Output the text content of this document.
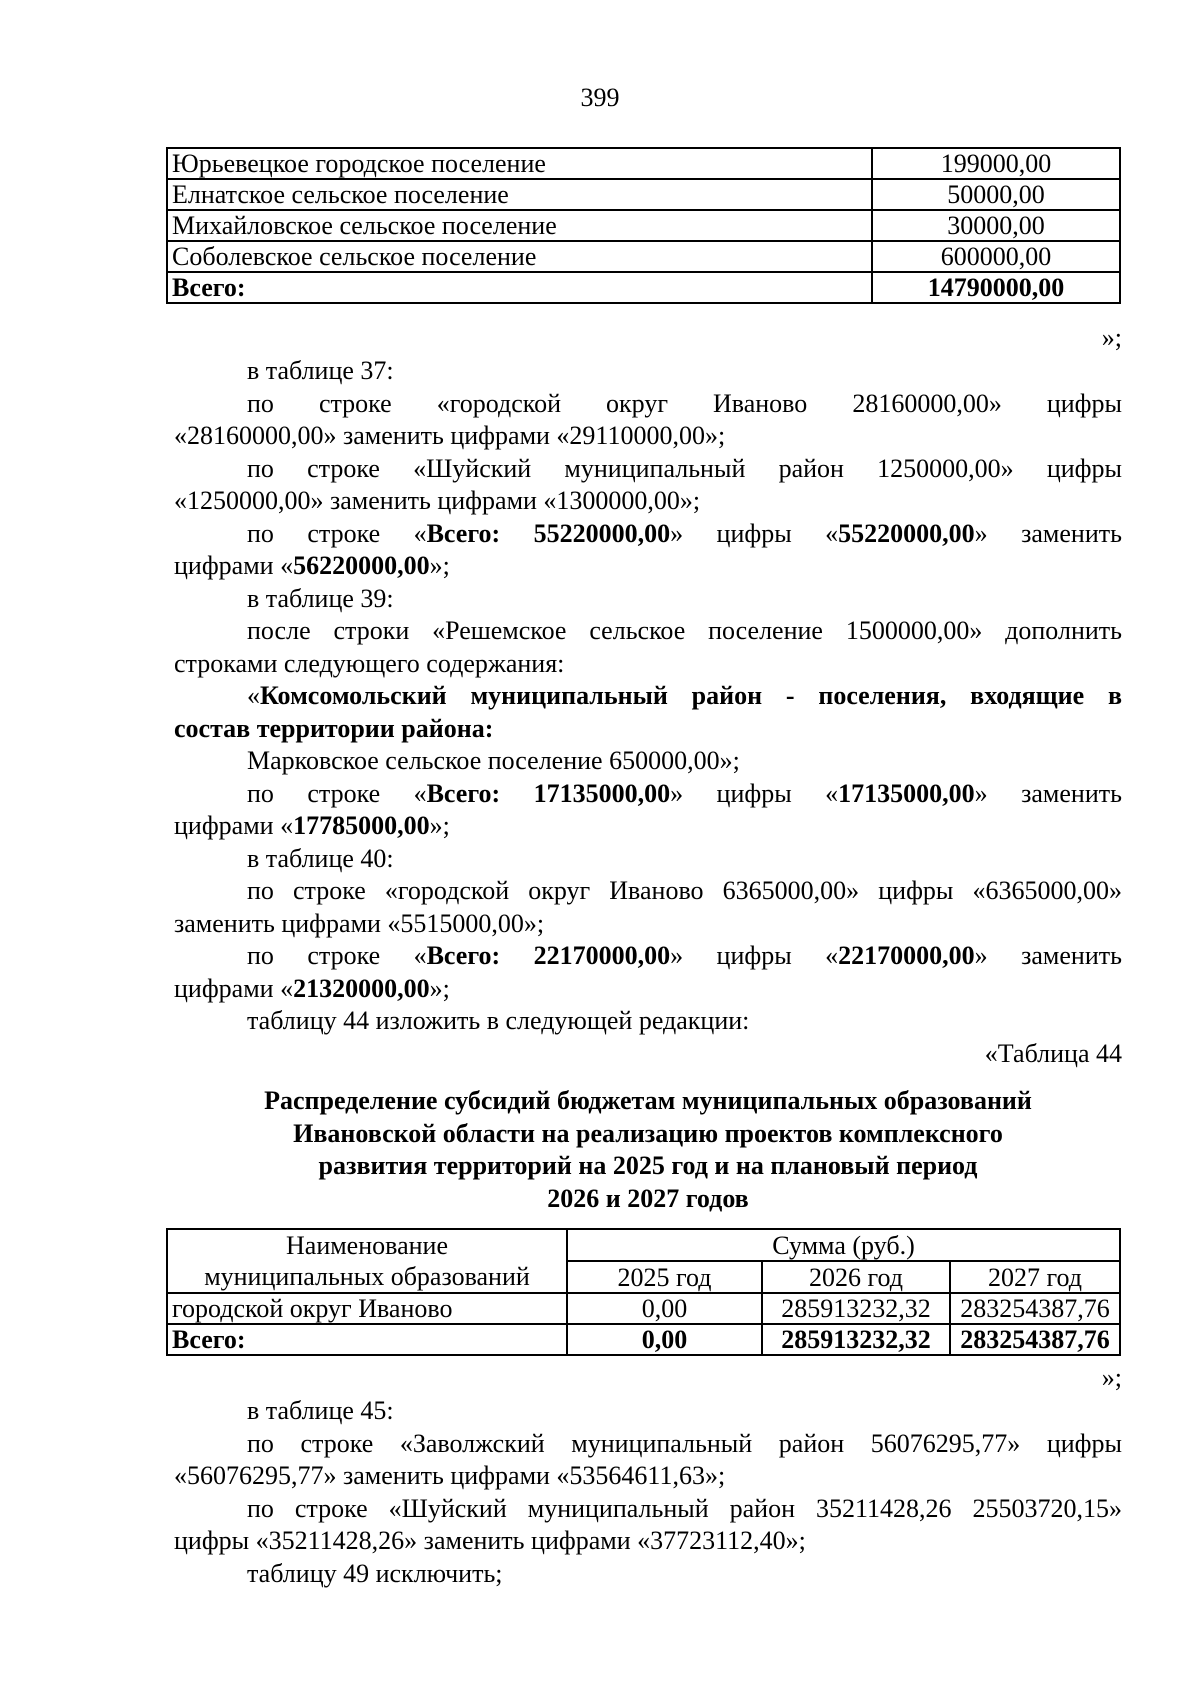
399
Юрьевецкое городское поселение	199000,00
Елнатское сельское поселение	50000,00
Михайловское сельское поселение	30000,00
Соболевское сельское поселение	600000,00
Всего:	14790000,00
»;

в таблице 37:

по строке «городской округ Иваново 28160000,00» цифры

«28160000,00» заменить цифрами «29110000,00»;

по строке «Шуйский муниципальный район 1250000,00» цифры

«1250000,00» заменить цифрами «1300000,00»;

по строке «Всего: 55220000,00» цифры «55220000,00» заменить

цифрами «56220000,00»;

в таблице 39:

после строки «Решемское сельское поселение 1500000,00» дополнить

строками следующего содержания:

«Комсомольский муниципальный район - поселения, входящие в

состав территории района:

Марковское сельское поселение 650000,00»;

по строке «Всего: 17135000,00» цифры «17135000,00» заменить

цифрами «17785000,00»;

в таблице 40:

по строке «городской округ Иваново 6365000,00» цифры «6365000,00»

заменить цифрами «5515000,00»;

по строке «Всего: 22170000,00» цифры «22170000,00» заменить

цифрами «21320000,00»;

таблицу 44 изложить в следующей редакции:

«Таблица 44

Распределение субсидий бюджетам муниципальных образований
Ивановской области на реализацию проектов комплексного
развития территорий на 2025 год и на плановый период
2026 и 2027 годов
Наименование
муниципальных образований	Сумма (руб.)		
	2025 год	2026 год	2027 год
городской округ Иваново	0,00	285913232,32	283254387,76
Всего:	0,00	285913232,32	283254387,76
»;

в таблице 45:

по строке «Заволжский муниципальный район 56076295,77» цифры

«56076295,77» заменить цифрами «53564611,63»;

по строке «Шуйский муниципальный район 35211428,26 25503720,15»

цифры «35211428,26» заменить цифрами «37723112,40»;

таблицу 49 исключить;
